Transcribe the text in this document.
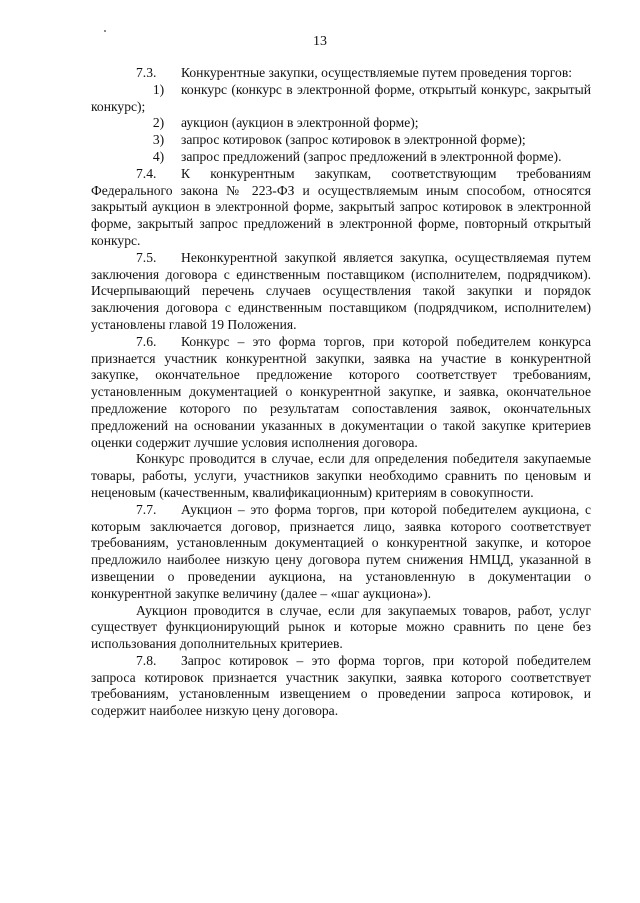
13

7.3. Конкурентные закупки, осуществляемые путем проведения торгов:

1) конкурс (конкурс в электронной форме, открытый конкурс, закрытый конкурс);

2) аукцион (аукцион в электронной форме);

3) запрос котировок (запрос котировок в электронной форме);

4) запрос предложений (запрос предложений в электронной форме).

7.4. К конкурентным закупкам, соответствующим требованиям Федерального закона № 223-ФЗ и осуществляемым иным способом, относятся закрытый аукцион в электронной форме, закрытый запрос котировок в электронной форме, закрытый запрос предложений в электронной форме, повторный открытый конкурс.

7.5. Неконкурентной закупкой является закупка, осуществляемая путем заключения договора с единственным поставщиком (исполнителем, подрядчиком). Исчерпывающий перечень случаев осуществления такой закупки и порядок заключения договора с единственным поставщиком (подрядчиком, исполнителем) установлены главой 19 Положения.

7.6. Конкурс – это форма торгов, при которой победителем конкурса признается участник конкурентной закупки, заявка на участие в конкурентной закупке, окончательное предложение которого соответствует требованиям, установленным документацией о конкурентной закупке, и заявка, окончательное предложение которого по результатам сопоставления заявок, окончательных предложений на основании указанных в документации о такой закупке критериев оценки содержит лучшие условия исполнения договора.

Конкурс проводится в случае, если для определения победителя закупаемые товары, работы, услуги, участников закупки необходимо сравнить по ценовым и неценовым (качественным, квалификационным) критериям в совокупности.

7.7. Аукцион – это форма торгов, при которой победителем аукциона, с которым заключается договор, признается лицо, заявка которого соответствует требованиям, установленным документацией о конкурентной закупке, и которое предложило наиболее низкую цену договора путем снижения НМЦД, указанной в извещении о проведении аукциона, на установленную в документации о конкурентной закупке величину (далее – «шаг аукциона»).

Аукцион проводится в случае, если для закупаемых товаров, работ, услуг существует функционирующий рынок и которые можно сравнить по цене без использования дополнительных критериев.

7.8. Запрос котировок – это форма торгов, при которой победителем запроса котировок признается участник закупки, заявка которого соответствует требованиям, установленным извещением о проведении запроса котировок, и содержит наиболее низкую цену договора.
